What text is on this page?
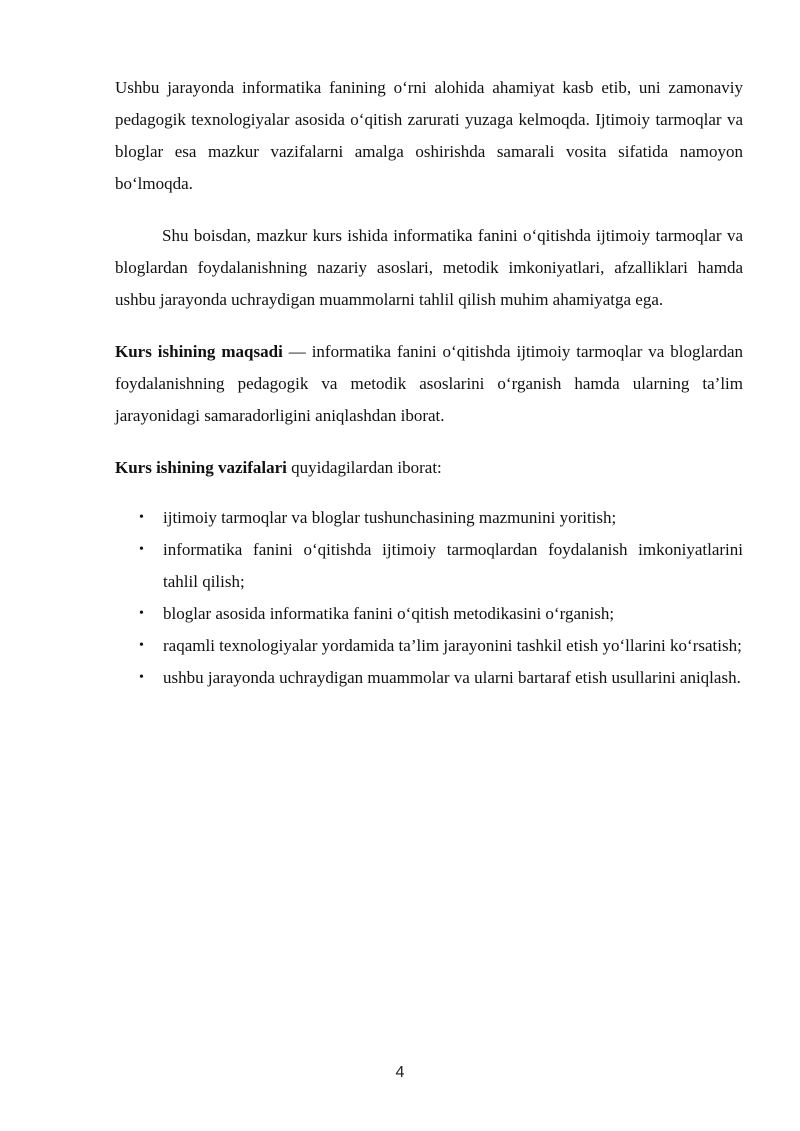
Ushbu jarayonda informatika fanining o‘rni alohida ahamiyat kasb etib, uni zamonaviy pedagogik texnologiyalar asosida o‘qitish zarurati yuzaga kelmoqda. Ijtimoiy tarmoqlar va bloglar esa mazkur vazifalarni amalga oshirishda samarali vosita sifatida namoyon bo‘lmoqda.

Shu boisdan, mazkur kurs ishida informatika fanini o‘qitishda ijtimoiy tarmoqlar va bloglardan foydalanishning nazariy asoslari, metodik imkoniyatlari, afzalliklari hamda ushbu jarayonda uchraydigan muammolarni tahlil qilish muhim ahamiyatga ega.

Kurs ishining maqsadi — informatika fanini o‘qitishda ijtimoiy tarmoqlar va bloglardan foydalanishning pedagogik va metodik asoslarini o‘rganish hamda ularning ta’lim jarayonidagi samaradorligini aniqlashdan iborat.

Kurs ishining vazifalari quyidagilardan iborat:

• ijtimoiy tarmoqlar va bloglar tushunchasining mazmunini yoritish;
• informatika fanini o‘qitishda ijtimoiy tarmoqlardan foydalanish imkoniyatlarini tahlil qilish;
• bloglar asosida informatika fanini o‘qitish metodikasini o‘rganish;
• raqamli texnologiyalar yordamida ta’lim jarayonini tashkil etish yo‘llarini ko‘rsatish;
• ushbu jarayonda uchraydigan muammolar va ularni bartaraf etish usullarini aniqlash.
4
